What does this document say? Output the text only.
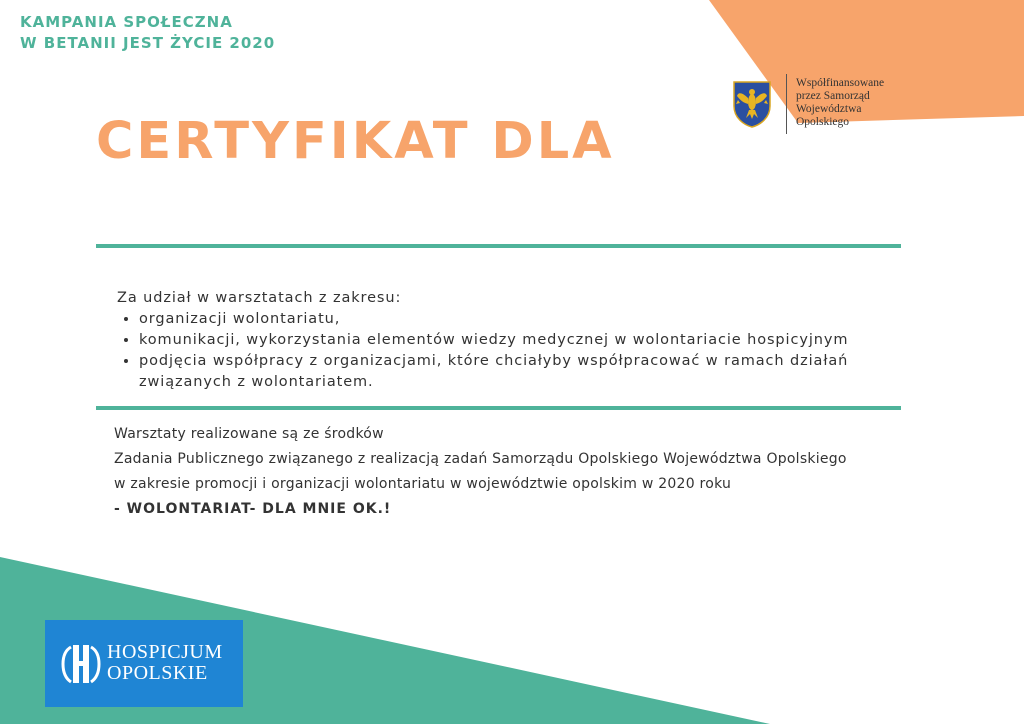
KAMPANIA SPOŁECZNA
W BETANII JEST ŻYCIE 2020
Współfinansowane
przez Samorząd
Województwa
Opolskiego
CERTYFIKAT DLA
Za udział w warsztatach z zakresu:
• organizacji wolontariatu,
• komunikacji, wykorzystania elementów wiedzy medycznej w wolontariacie hospicyjnym
• podjęcia współpracy z organizacjami, które chciałyby współpracować w ramach działań związanych z wolontariatem.
Warsztaty realizowane są ze środków
Zadania Publicznego związanego z realizacją zadań Samorządu Opolskiego Województwa Opolskiego
w zakresie promocji i organizacji wolontariatu w województwie opolskim w 2020 roku
- WOLONTARIAT- DLA MNIE OK.!
HOSPICJUM
OPOLSKIE
